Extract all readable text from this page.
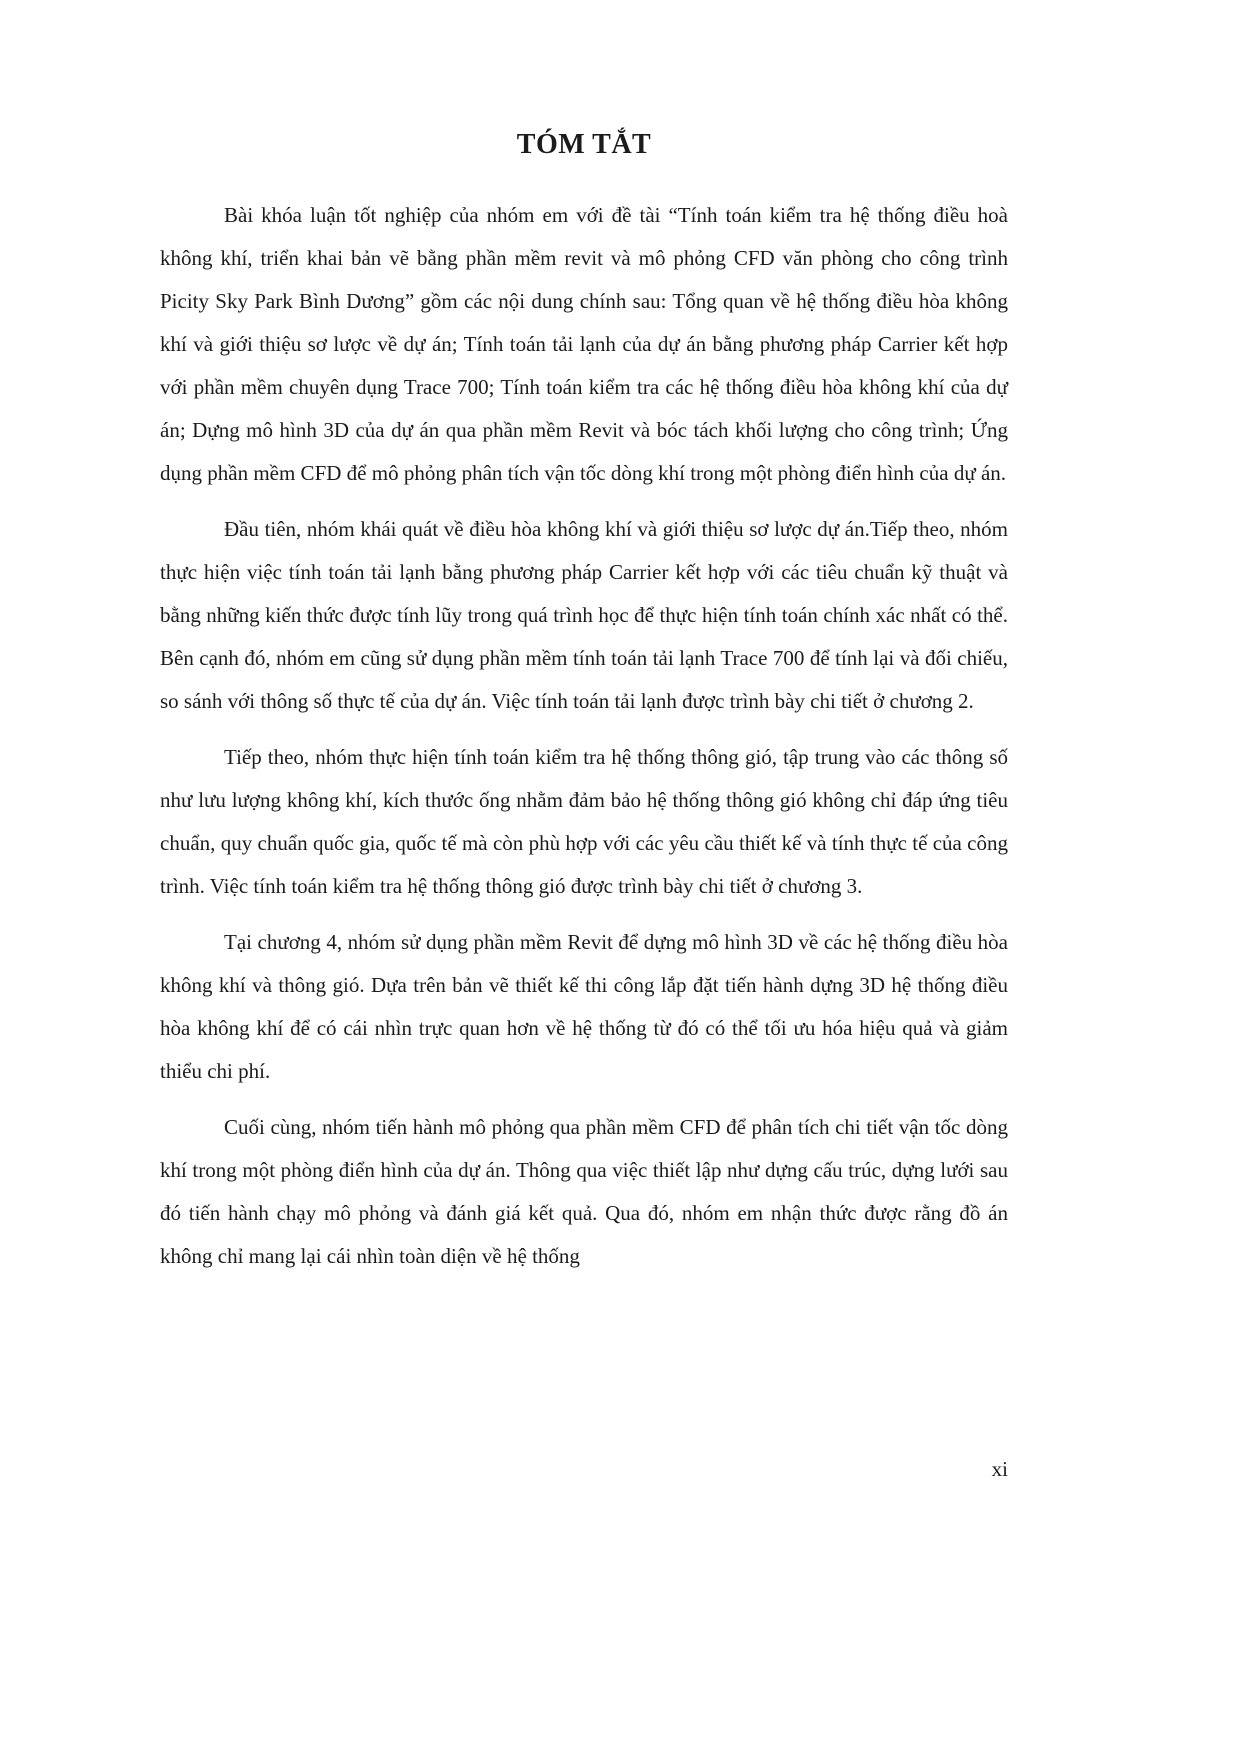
TÓM TẮT

Bài khóa luận tốt nghiệp của nhóm em với đề tài “Tính toán kiểm tra hệ thống điều hoà không khí, triển khai bản vẽ bằng phần mềm revit và mô phỏng CFD văn phòng cho công trình Picity Sky Park Bình Dương” gồm các nội dung chính sau: Tổng quan về hệ thống điều hòa không khí và giới thiệu sơ lược về dự án; Tính toán tải lạnh của dự án bằng phương pháp Carrier kết hợp với phần mềm chuyên dụng Trace 700; Tính toán kiểm tra các hệ thống điều hòa không khí của dự án; Dựng mô hình 3D của dự án qua phần mềm Revit và bóc tách khối lượng cho công trình; Ứng dụng phần mềm CFD để mô phỏng phân tích vận tốc dòng khí trong một phòng điển hình của dự án.

Đầu tiên, nhóm khái quát về điều hòa không khí và giới thiệu sơ lược dự án.Tiếp theo, nhóm thực hiện việc tính toán tải lạnh bằng phương pháp Carrier kết hợp với các tiêu chuẩn kỹ thuật và bằng những kiến thức được tính lũy trong quá trình học để thực hiện tính toán chính xác nhất có thể. Bên cạnh đó, nhóm em cũng sử dụng phần mềm tính toán tải lạnh Trace 700 để tính lại và đối chiếu, so sánh với thông số thực tế của dự án. Việc tính toán tải lạnh được trình bày chi tiết ở chương 2.

Tiếp theo, nhóm thực hiện tính toán kiểm tra hệ thống thông gió, tập trung vào các thông số như lưu lượng không khí, kích thước ống nhằm đảm bảo hệ thống thông gió không chỉ đáp ứng tiêu chuẩn, quy chuẩn quốc gia, quốc tế mà còn phù hợp với các yêu cầu thiết kế và tính thực tế của công trình. Việc tính toán kiểm tra hệ thống thông gió được trình bày chi tiết ở chương 3.

Tại chương 4, nhóm sử dụng phần mềm Revit để dựng mô hình 3D về các hệ thống điều hòa không khí và thông gió. Dựa trên bản vẽ thiết kế thi công lắp đặt tiến hành dựng 3D hệ thống điều hòa không khí để có cái nhìn trực quan hơn về hệ thống từ đó có thể tối ưu hóa hiệu quả và giảm thiểu chi phí.

Cuối cùng, nhóm tiến hành mô phỏng qua phần mềm CFD để phân tích chi tiết vận tốc dòng khí trong một phòng điển hình của dự án. Thông qua việc thiết lập như dựng cấu trúc, dựng lưới sau đó tiến hành chạy mô phỏng và đánh giá kết quả. Qua đó, nhóm em nhận thức được rằng đồ án không chỉ mang lại cái nhìn toàn diện về hệ thống

xi
